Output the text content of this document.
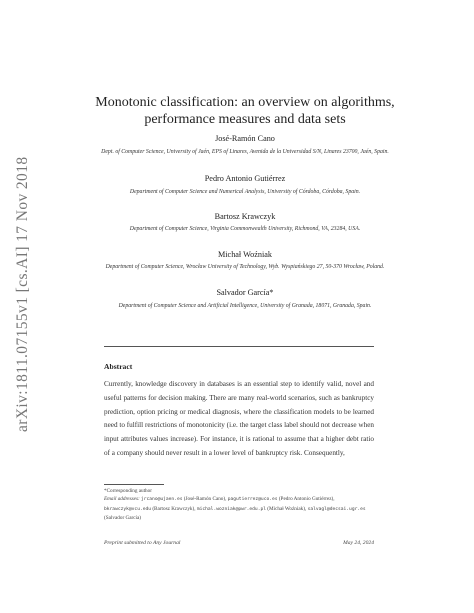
arXiv:1811.07155v1 [cs.AI] 17 Nov 2018
Monotonic classification: an overview on algorithms,
performance measures and data sets
José-Ramón Cano
Dept. of Computer Science, University of Jaén, EPS of Linares, Avenida de la Universidad S/N, Linares 23700, Jaén, Spain.
Pedro Antonio Gutiérrez
Department of Computer Science and Numerical Analysis, University of Córdoba, Córdoba, Spain.
Bartosz Krawczyk
Department of Computer Science, Virginia Commonwealth University, Richmond, VA, 23284, USA.
Michał Woźniak
Department of Computer Science, Wrocław University of Technology, Wyb. Wyspiańskiego 27, 50-370 Wrocław, Poland.
Salvador García*
Department of Computer Science and Artificial Intelligence, University of Granada, 18071, Granada, Spain.
Abstract
Currently, knowledge discovery in databases is an essential step to identify valid, novel and useful patterns for decision making. There are many real-world scenarios, such as bankruptcy prediction, option pricing or medical diagnosis, where the classification models to be learned need to fulfill restrictions of monotonicity (i.e. the target class label should not decrease when input attributes values increase). For instance, it is rational to assume that a higher debt ratio of a company should never result in a lower level of bankruptcy risk. Consequently,
*Corresponding author
Email addresses: jrcano@ujaen.es (José-Ramón Cano), pagutierrez@uco.es (Pedro Antonio Gutiérrez), bkrawczyk@vcu.edu (Bartosz Krawczyk), michal.wozniak@pwr.edu.pl (Michał Woźniak), salvagl@decsai.ugr.es (Salvador García)
Preprint submitted to Any Journal	May 24, 2024
